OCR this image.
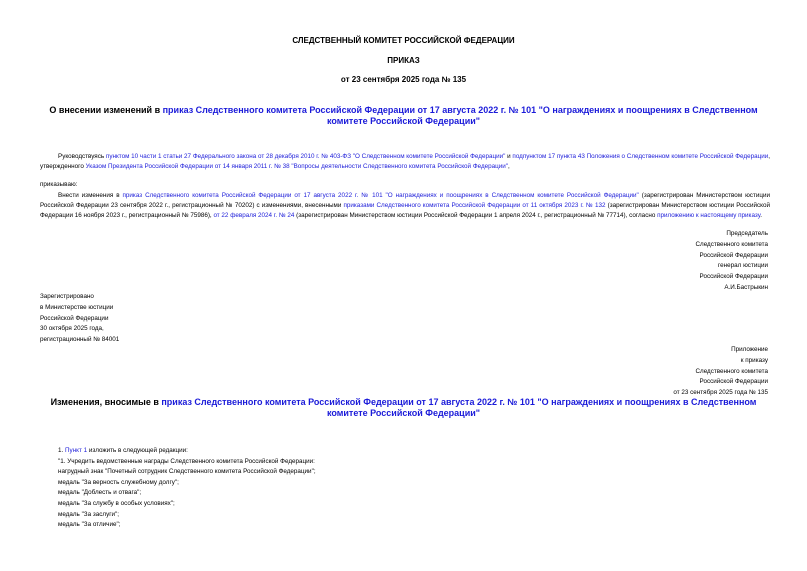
СЛЕДСТВЕННЫЙ КОМИТЕТ РОССИЙСКОЙ ФЕДЕРАЦИИ
ПРИКАЗ
от 23 сентября 2025 года № 135
О внесении изменений в приказ Следственного комитета Российской Федерации от 17 августа 2022 г. № 101 "О награждениях и поощрениях в Следственном комитете Российской Федерации"
Руководствуясь пунктом 10 части 1 статьи 27 Федерального закона от 28 декабря 2010 г. № 403-ФЗ "О Следственном комитете Российской Федерации" и подпунктом 17 пункта 43 Положения о Следственном комитете Российской Федерации, утвержденного Указом Президента Российской Федерации от 14 января 2011 г. № 38 "Вопросы деятельности Следственного комитета Российской Федерации",
приказываю:
Внести изменения в приказ Следственного комитета Российской Федерации от 17 августа 2022 г. № 101 "О награждениях и поощрениях в Следственном комитете Российской Федерации" (зарегистрирован Министерством юстиции Российской Федерации 23 сентября 2022 г., регистрационный № 70202) с изменениями, внесенными приказами Следственного комитета Российской Федерации от 11 октября 2023 г. № 132 (зарегистрирован Министерством юстиции Российской Федерации 16 ноября 2023 г., регистрационный № 75986), от 22 февраля 2024 г. № 24 (зарегистрирован Министерством юстиции Российской Федерации 1 апреля 2024 г., регистрационный № 77714), согласно приложению к настоящему приказу.
Председатель
Следственного комитета
Российской Федерации
генерал юстиции
Российской Федерации
А.И.Бастрыкин
Зарегистрировано
в Министерстве юстиции
Российской Федерации
30 октября 2025 года,
регистрационный № 84001
Приложение
к приказу
Следственного комитета
Российской Федерации
от 23 сентября 2025 года № 135
Изменения, вносимые в приказ Следственного комитета Российской Федерации от 17 августа 2022 г. № 101 "О награждениях и поощрениях в Следственном комитете Российской Федерации"
1. Пункт 1 изложить в следующей редакции:
"1. Учредить ведомственные награды Следственного комитета Российской Федерации:
нагрудный знак "Почетный сотрудник Следственного комитета Российской Федерации";
медаль "За верность служебному долгу";
медаль "Доблесть и отвага";
медаль "За службу в особых условиях";
медаль "За заслуги";
медаль "За отличие";
